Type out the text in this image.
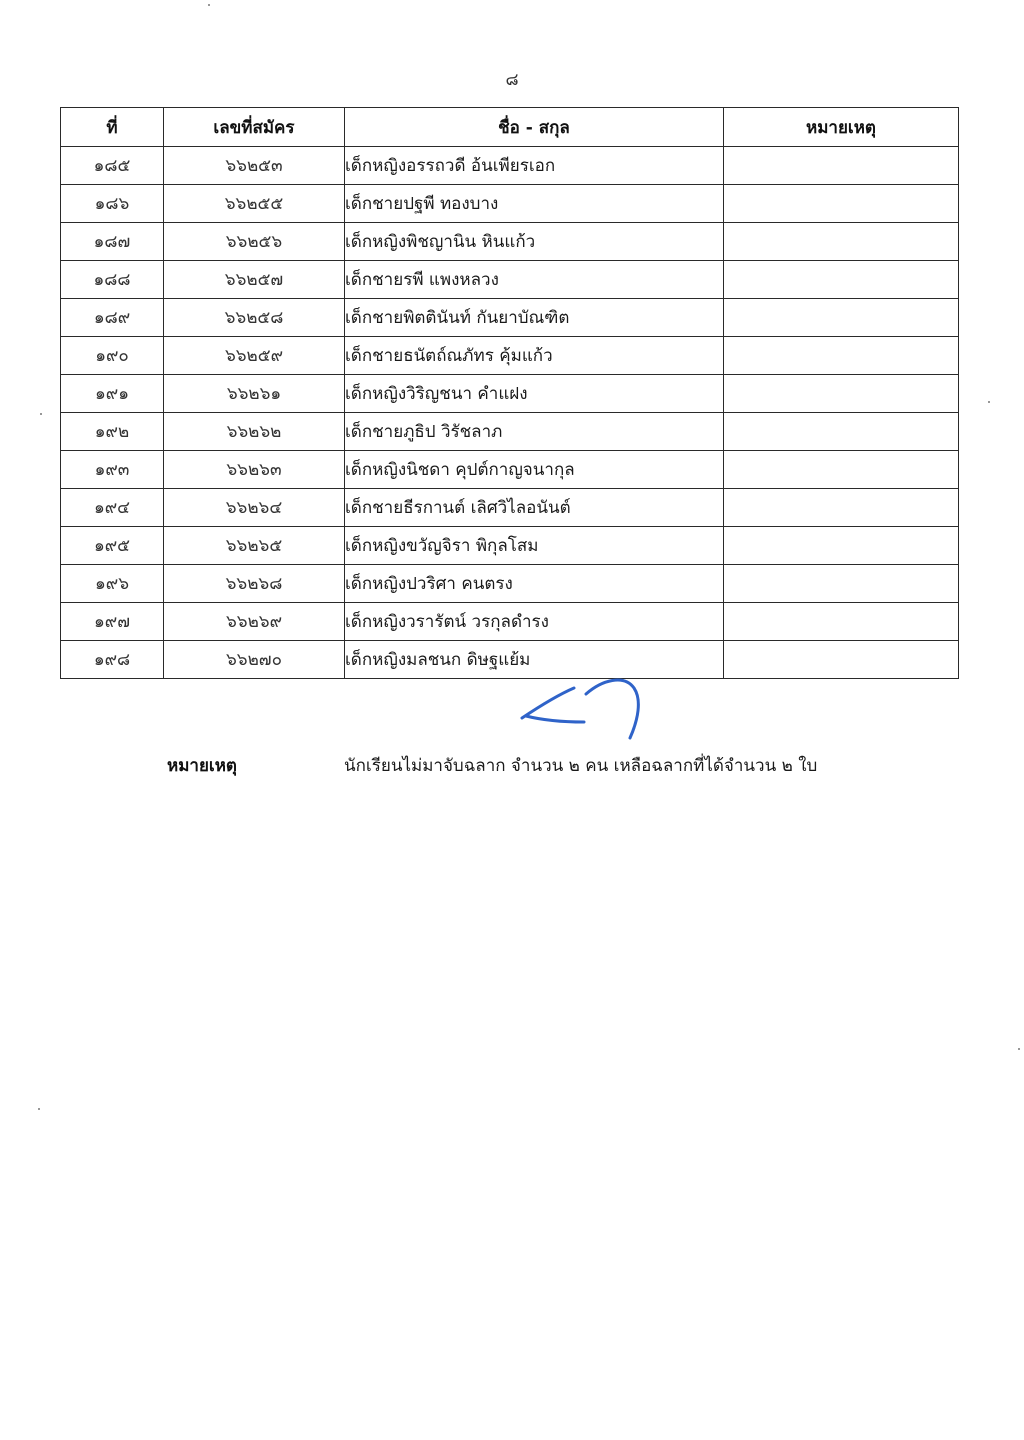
๘
ที่	เลขที่สมัคร	ชื่อ - สกุล	หมายเหตุ
๑๘๕	๖๖๒๕๓	เด็กหญิงอรรถวดี อ้นเพียรเอก	
๑๘๖	๖๖๒๕๕	เด็กชายปฐพี ทองบาง	
๑๘๗	๖๖๒๕๖	เด็กหญิงพิชญานิน หินแก้ว	
๑๘๘	๖๖๒๕๗	เด็กชายรพี แพงหลวง	
๑๘๙	๖๖๒๕๘	เด็กชายพิตตินันท์ กันยาบัณฑิต	
๑๙๐	๖๖๒๕๙	เด็กชายธนัตถ์ณภัทร คุ้มแก้ว	
๑๙๑	๖๖๒๖๑	เด็กหญิงวิริญชนา คำแฝง	
๑๙๒	๖๖๒๖๒	เด็กชายภูธิป วิรัชลาภ	
๑๙๓	๖๖๒๖๓	เด็กหญิงนิชดา คุปต์กาญจนากุล	
๑๙๔	๖๖๒๖๔	เด็กชายธีรกานต์ เลิศวิไลอนันต์	
๑๙๕	๖๖๒๖๕	เด็กหญิงขวัญจิรา พิกุลโสม	
๑๙๖	๖๖๒๖๘	เด็กหญิงปวริศา คนตรง	
๑๙๗	๖๖๒๖๙	เด็กหญิงวรารัตน์ วรกุลดำรง	
๑๙๘	๖๖๒๗๐	เด็กหญิงมลชนก ดิษฐแย้ม	
หมายเหตุ	นักเรียนไม่มาจับฉลาก จำนวน ๒ คน เหลือฉลากที่ได้จำนวน ๒ ใบ
